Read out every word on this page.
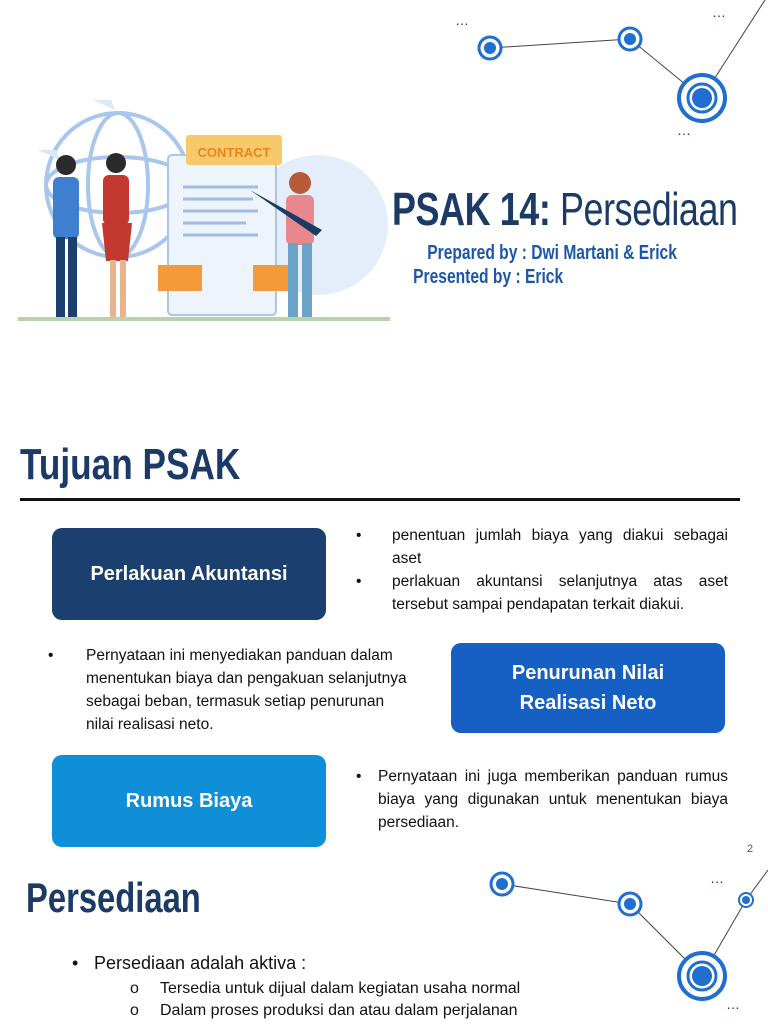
…	…
…
CONTRACT
PSAK 14: Persediaan
Prepared by : Dwi Martani & Erick
Presented by : Erick
Tujuan PSAK
Perlakuan Akuntansi
• penentuan jumlah biaya yang diakui sebagai aset
• perlakuan akuntansi selanjutnya atas aset tersebut sampai pendapatan terkait diakui.
• Pernyataan ini menyediakan panduan dalam menentukan biaya dan pengakuan selanjutnya sebagai beban, termasuk setiap penurunan nilai realisasi neto.
Penurunan Nilai
Realisasi Neto
Rumus Biaya
• Pernyataan ini juga memberikan panduan rumus biaya yang digunakan untuk menentukan biaya persediaan.
2
…
…
Persediaan
• Persediaan adalah aktiva :
o Tersedia untuk dijual dalam kegiatan usaha normal
o Dalam proses produksi dan atau dalam perjalanan
